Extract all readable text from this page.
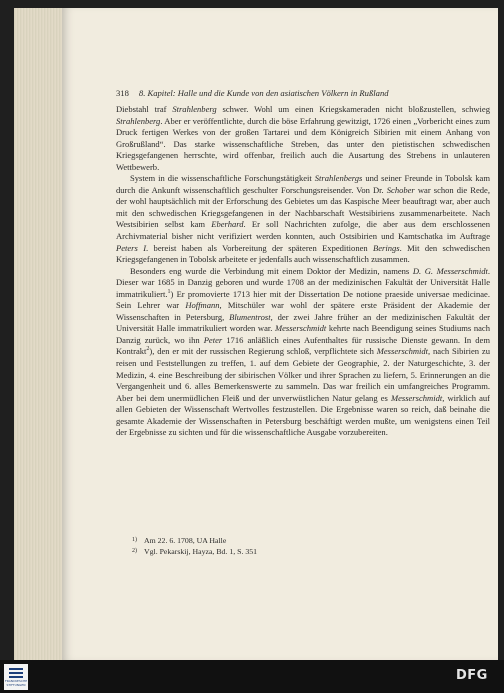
318 8. Kapitel: Halle und die Kunde von den asiatischen Völkern in Rußland

Diebstahl traf Strahlenberg schwer. Wohl um einen Kriegskameraden nicht bloßzustellen, schwieg Strahlenberg. Aber er veröffentlichte, durch die böse Erfahrung gewitzigt, 1726 einen „Vorbericht eines zum Druck fertigen Werkes von der großen Tartarei und dem Königreich Sibirien mit einem Anhang von Großrußland“. Das starke wissenschaftliche Streben, das unter den pietistischen schwedischen Kriegsgefangenen herrschte, wird offenbar, freilich auch die Ausartung des Strebens in unlauteren Wettbewerb.

System in die wissenschaftliche Forschungstätigkeit Strahlenbergs und seiner Freunde in Tobolsk kam durch die Ankunft wissenschaftlich geschulter Forschungsreisender. Von Dr. Schober war schon die Rede, der wohl hauptsächlich mit der Erforschung des Gebietes um das Kaspische Meer beauftragt war, aber auch mit den schwedischen Kriegsgefangenen in der Nachbarschaft Westsibiriens zusammenarbeitete. Nach Westsibirien selbst kam Eberhard. Er soll Nachrichten zufolge, die aber aus dem erschlossenen Archivmaterial bisher nicht verifiziert werden konnten, auch Ostsibirien und Kamtschatka im Auftrage Peters I. bereist haben als Vorbereitung der späteren Expeditionen Berings. Mit den schwedischen Kriegsgefangenen in Tobolsk arbeitete er jedenfalls auch wissenschaftlich zusammen.

Besonders eng wurde die Verbindung mit einem Doktor der Medizin, namens D. G. Messerschmidt. Dieser war 1685 in Danzig geboren und wurde 1708 an der medizinischen Fakultät der Universität Halle immatrikuliert.$^1$) Er promovierte 1713 hier mit der Dissertation De notione praeside universae medicinae. Sein Lehrer war Hoffmann, Mitschüler war wohl der spätere erste Präsident der Akademie der Wissenschaften in Petersburg, Blumentrost, der zwei Jahre früher an der medizinischen Fakultät der Universität Halle immatrikuliert worden war. Messerschmidt kehrte nach Beendigung seines Studiums nach Danzig zurück, wo ihn Peter 1716 anläßlich eines Aufenthaltes für russische Dienste gewann. In dem Kontrakt$^2$), den er mit der russischen Regierung schloß, verpflichtete sich Messerschmidt, nach Sibirien zu reisen und Feststellungen zu treffen, 1. auf dem Gebiete der Geographie, 2. der Naturgeschichte, 3. der Medizin, 4. eine Beschreibung der sibirischen Völker und ihrer Sprachen zu liefern, 5. Erinnerungen an die Vergangenheit und 6. alles Bemerkenswerte zu sammeln. Das war freilich ein umfangreiches Programm. Aber bei dem unermüdlichen Fleiß und der unverwüstlichen Natur gelang es Messerschmidt, wirklich auf allen Gebieten der Wissenschaft Wertvolles festzustellen. Die Ergebnisse waren so reich, daß beinahe die gesamte Akademie der Wissenschaften in Petersburg beschäftigt werden mußte, um wenigstens einen Teil der Ergebnisse zu sichten und für die wissenschaftliche Ausgabe vorzubereiten.

1) Am 22. 6. 1708, UA Halle
2) Vgl. Pekarskij, Hayza, Bd. 1, S. 351
FRANCKESCHE STIFTUNGEN
DFG
